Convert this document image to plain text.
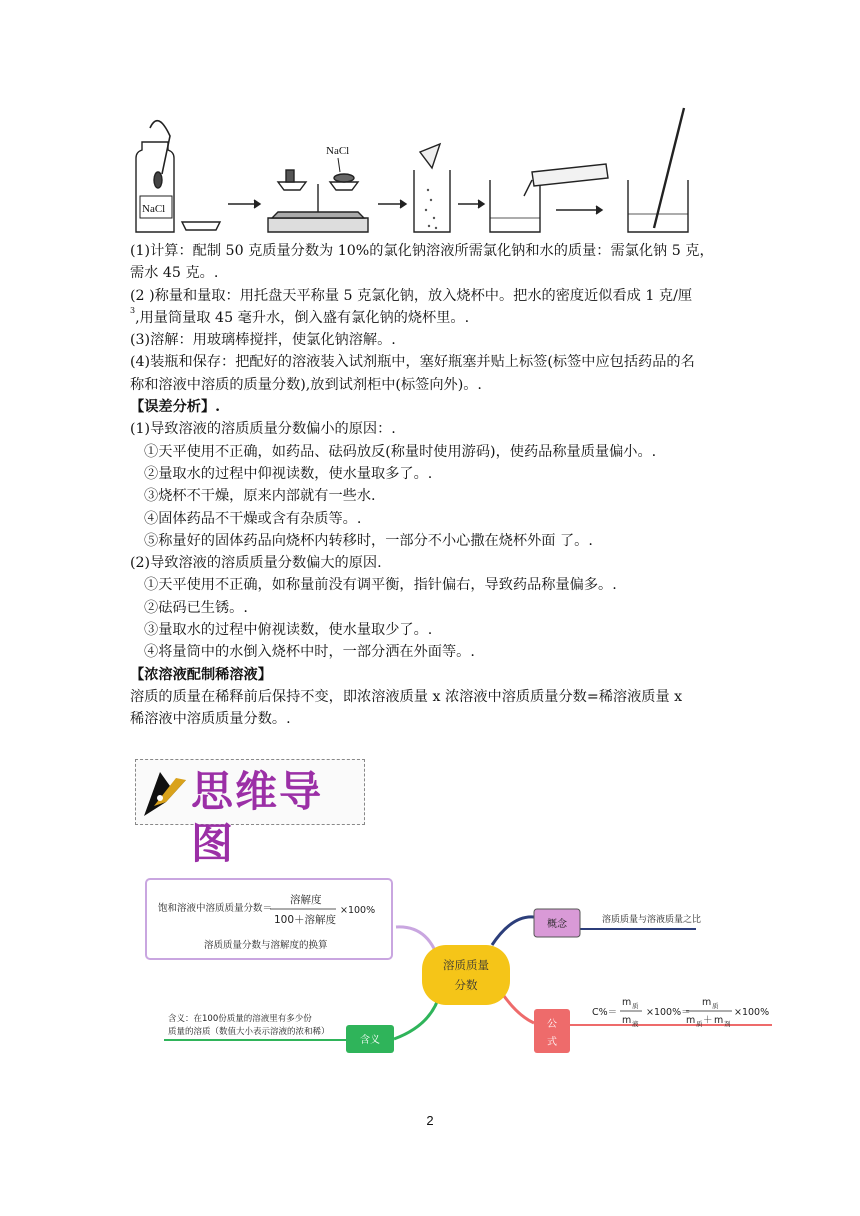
NaCl
NaCl

(1)计算：配制 50 克质量分数为 10%的氯化钠溶液所需氯化钠和水的质量：需氯化钠 5 克，

需水 45 克。.

(2 )称量和量取：用托盘天平称量 5 克氯化钠，放入烧杯中。把水的密度近似看成 1 克/厘

$^3$,用量筒量取 45 毫升水，倒入盛有氯化钠的烧杯里。.

(3)溶解：用玻璃棒搅拌，使氯化钠溶解。.

(4)装瓶和保存：把配好的溶液装入试剂瓶中，塞好瓶塞并贴上标签(标签中应包括药品的名

称和溶液中溶质的质量分数),放到试剂柜中(标签向外)。.

【误差分析】.

(1)导致溶液的溶质质量分数偏小的原因：.

①天平使用不正确，如药品、砝码放反(称量时使用游码)，使药品称量质量偏小。.

②量取水的过程中仰视读数，使水量取多了。.

③烧杯不干燥，原来内部就有一些水.

④固体药品不干燥或含有杂质等。.

⑤称量好的固体药品向烧杯内转移时，一部分不小心撒在烧杯外面 了。.

(2)导致溶液的溶质质量分数偏大的原因.

①天平使用不正确，如称量前没有调平衡，指针偏右，导致药品称量偏多。.

②砝码已生锈。.

③量取水的过程中俯视读数，使水量取少了。.

④将量筒中的水倒入烧杯中时，一部分洒在外面等。.

【浓溶液配制稀溶液】

溶质的质量在稀释前后保持不变，即浓溶液质量 x 浓溶液中溶质质量分数=稀溶液质量 x

稀溶液中溶质质量分数。.

思维导图
饱和溶液中溶质质量分数＝
溶解度
100＋溶解度
×100%
溶质质量分数与溶解度的换算
溶质质量
分数
概念	溶质质量与溶液质量之比
公
式
C%＝
m 质
m 液
×100%＝
m 质
m 质 ＋ m 剂
×100%
含义
含义：在100份质量的溶液里有多少份
质量的溶质（数值大小表示溶液的浓和稀）
2
